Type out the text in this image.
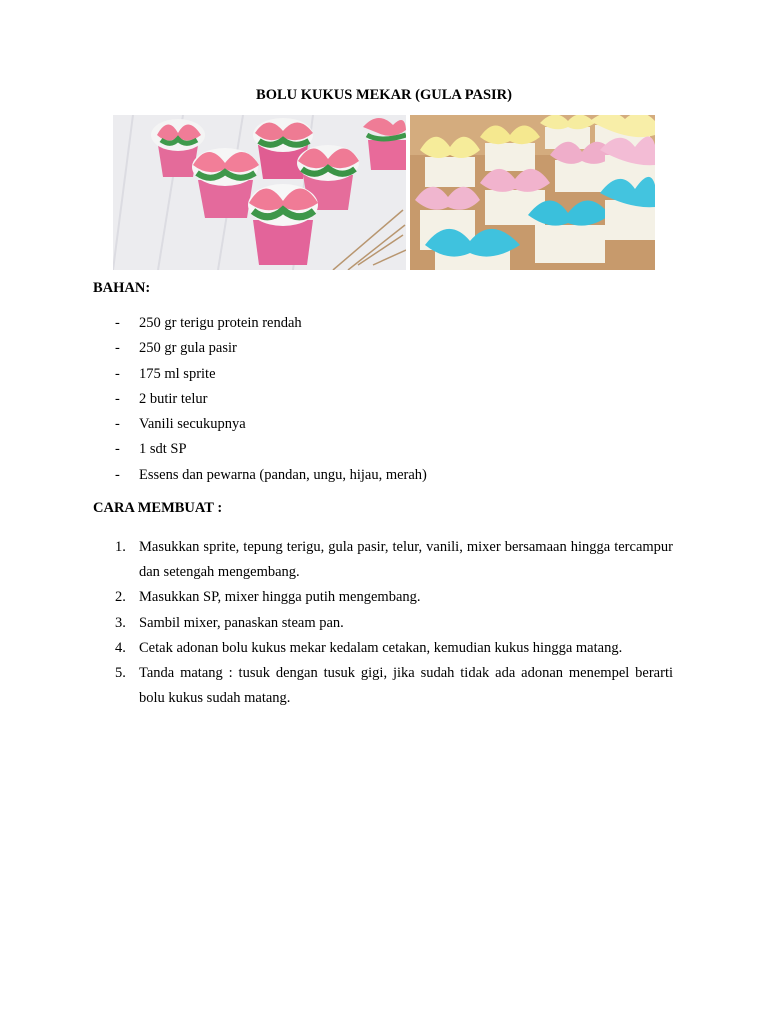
BOLU KUKUS MEKAR (GULA PASIR)
BAHAN:
- 250 gr terigu protein rendah
- 250 gr gula pasir
- 175 ml sprite
- 2 butir telur
- Vanili secukupnya
- 1 sdt SP
- Essens dan pewarna (pandan, ungu, hijau, merah)
CARA MEMBUAT :
1. Masukkan sprite, tepung terigu, gula pasir, telur, vanili, mixer bersamaan hingga tercampur dan setengah mengembang.
2. Masukkan SP, mixer hingga putih mengembang.
3. Sambil mixer, panaskan steam pan.
4. Cetak adonan bolu kukus mekar kedalam cetakan, kemudian kukus hingga matang.
5. Tanda matang : tusuk dengan tusuk gigi, jika sudah tidak ada adonan menempel berarti bolu kukus sudah matang.
